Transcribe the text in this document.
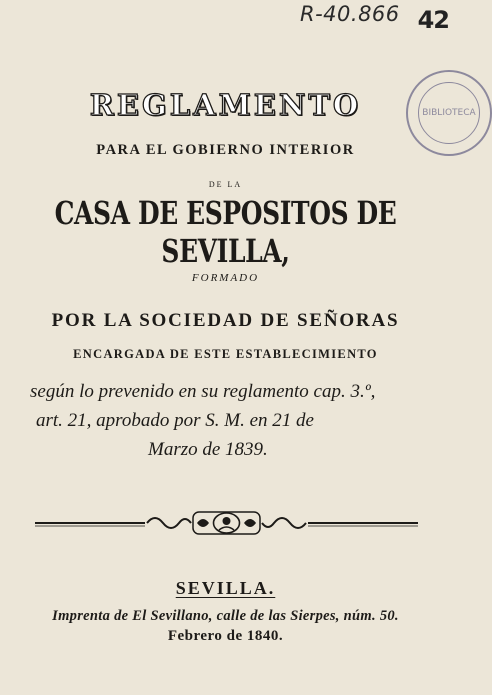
R-40.866 42
BIBLIOTECA
REGLAMENTO
PARA EL GOBIERNO INTERIOR
DE LA
CASA DE ESPOSITOS DE SEVILLA,
FORMADO
POR LA SOCIEDAD DE SEÑORAS
ENCARGADA DE ESTE ESTABLECIMIENTO
según lo prevenido en su reglamento cap. 3.º,
art. 21, aprobado por S. M. en 21 de
Marzo de 1839.
SEVILLA.
Imprenta de El Sevillano, calle de las Sierpes, núm. 50.
Febrero de 1840.
